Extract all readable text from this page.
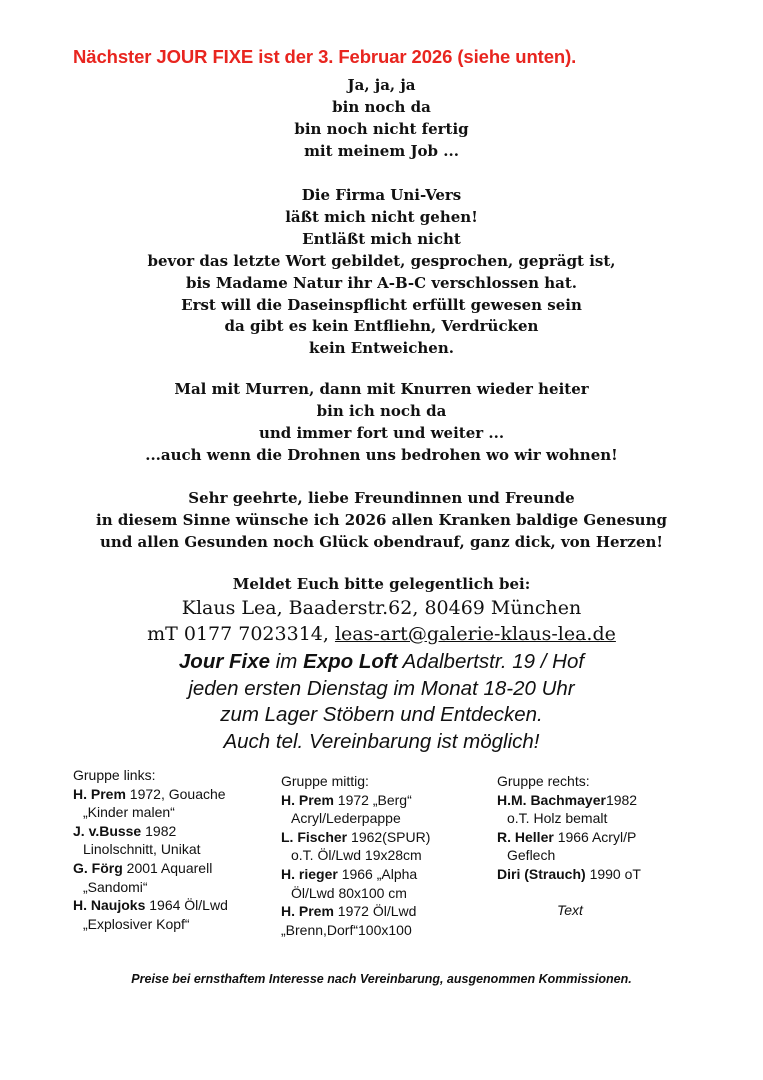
Nächster JOUR FIXE ist der 3. Februar 2026 (siehe unten).
Ja, ja, ja
bin noch da
bin noch nicht fertig
mit meinem Job ...
Die Firma Uni-Vers
läßt mich nicht gehen!
Entläßt mich nicht
bevor das letzte Wort gebildet, gesprochen, geprägt ist,
bis Madame Natur ihr A-B-C verschlossen hat.
Erst will die Daseinspflicht erfüllt gewesen sein
da gibt es kein Entfliehn, Verdrücken
kein Entweichen.
Mal mit Murren, dann mit Knurren wieder heiter
bin ich noch da
und immer fort und weiter ...
...auch wenn die Drohnen uns bedrohen wo wir wohnen!
Sehr geehrte, liebe Freundinnen und Freunde
in diesem Sinne wünsche ich 2026 allen Kranken baldige Genesung
und allen Gesunden noch Glück obendrauf, ganz dick, von Herzen!
Meldet Euch bitte gelegentlich bei:
Klaus Lea, Baaderstr.62, 80469 München
mT 0177 7023314, leas-art@galerie-klaus-lea.de
Jour Fixe im Expo Loft Adalbertstr. 19 / Hof
jeden ersten Dienstag im Monat 18-20 Uhr
zum Lager Stöbern und Entdecken.
Auch tel. Vereinbarung ist möglich!
Gruppe links:
H. Prem 1972, Gouache
„Kinder malen“
J. v.Busse 1982
Linolschnitt, Unikat
G. Förg 2001 Aquarell
„Sandomi“
H. Naujoks 1964 Öl/Lwd
„Explosiver Kopf“
Gruppe mittig:
H. Prem 1972 „Berg“
Acryl/Lederpappe
L. Fischer 1962(SPUR)
o.T. Öl/Lwd 19x28cm
H. rieger 1966 „Alpha
Öl/Lwd 80x100 cm
H. Prem 1972 Öl/Lwd
„Brenn,Dorf“100x100
Gruppe rechts:
H.M. Bachmayer1982
o.T. Holz bemalt
R. Heller 1966 Acryl/P
Geflech
Diri (Strauch) 1990 oT
Text
Preise bei ernsthaftem Interesse nach Vereinbarung, ausgenommen Kommissionen.
